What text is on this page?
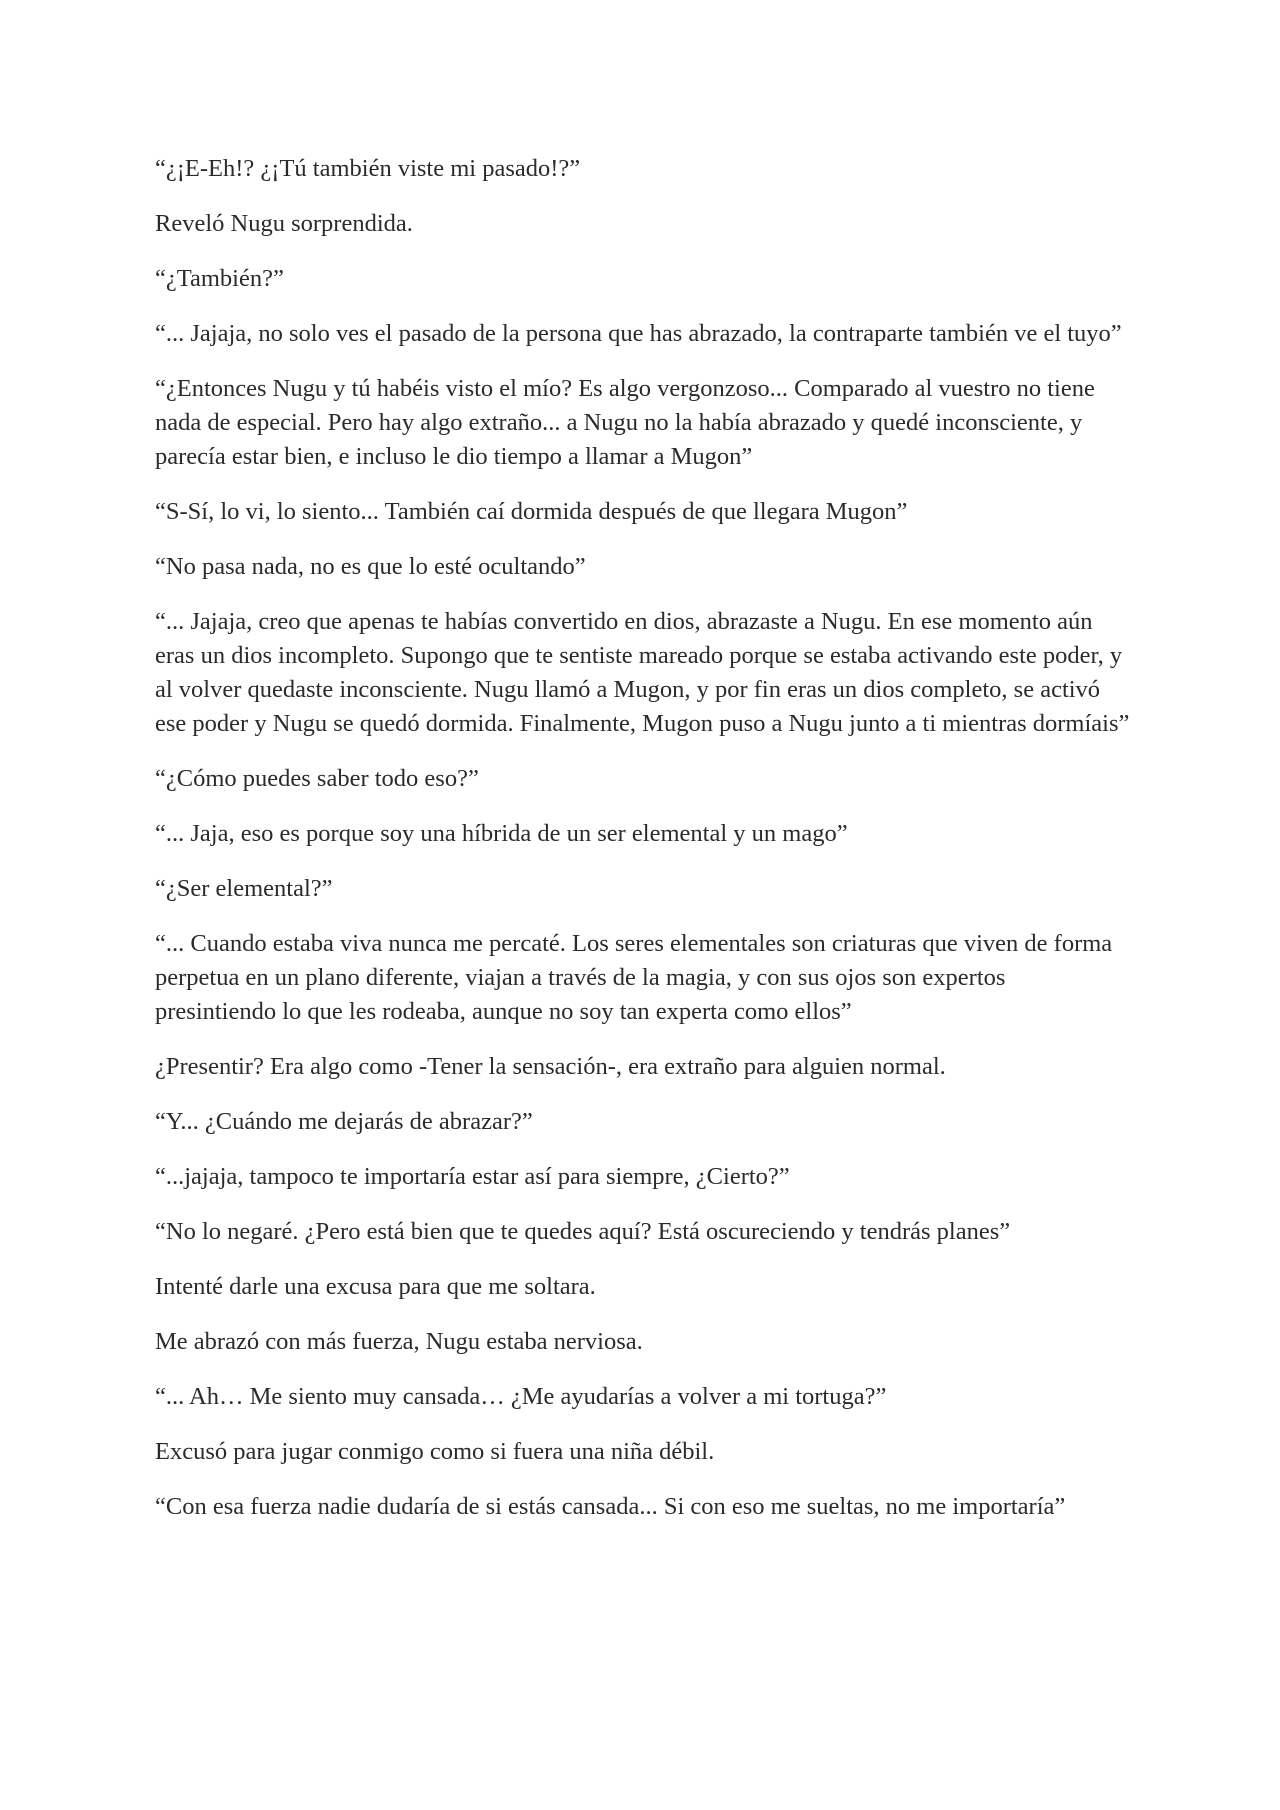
“¿¡E-Eh!? ¿¡Tú también viste mi pasado!?”

Reveló Nugu sorprendida.

“¿También?”

“... Jajaja, no solo ves el pasado de la persona que has abrazado, la contraparte también ve el tuyo”

“¿Entonces Nugu y tú habéis visto el mío? Es algo vergonzoso... Comparado al vuestro no tiene nada de especial. Pero hay algo extraño... a Nugu no la había abrazado y quedé inconsciente, y parecía estar bien, e incluso le dio tiempo a llamar a Mugon”

“S-Sí, lo vi, lo siento... También caí dormida después de que llegara Mugon”

“No pasa nada, no es que lo esté ocultando”

“... Jajaja, creo que apenas te habías convertido en dios, abrazaste a Nugu. En ese momento aún eras un dios incompleto. Supongo que te sentiste mareado porque se estaba activando este poder, y al volver quedaste inconsciente. Nugu llamó a Mugon, y por fin eras un dios completo, se activó ese poder y Nugu se quedó dormida. Finalmente, Mugon puso a Nugu junto a ti mientras dormíais”

“¿Cómo puedes saber todo eso?”

“... Jaja, eso es porque soy una híbrida de un ser elemental y un mago”

“¿Ser elemental?”

“... Cuando estaba viva nunca me percaté. Los seres elementales son criaturas que viven de forma perpetua en un plano diferente, viajan a través de la magia, y con sus ojos son expertos presintiendo lo que les rodeaba, aunque no soy tan experta como ellos”

¿Presentir? Era algo como -Tener la sensación-, era extraño para alguien normal.

“Y... ¿Cuándo me dejarás de abrazar?”

“...jajaja, tampoco te importaría estar así para siempre, ¿Cierto?”

“No lo negaré. ¿Pero está bien que te quedes aquí? Está oscureciendo y tendrás planes”

Intenté darle una excusa para que me soltara.

Me abrazó con más fuerza, Nugu estaba nerviosa.

“... Ah… Me siento muy cansada… ¿Me ayudarías a volver a mi tortuga?”

Excusó para jugar conmigo como si fuera una niña débil.

“Con esa fuerza nadie dudaría de si estás cansada... Si con eso me sueltas, no me importaría”
